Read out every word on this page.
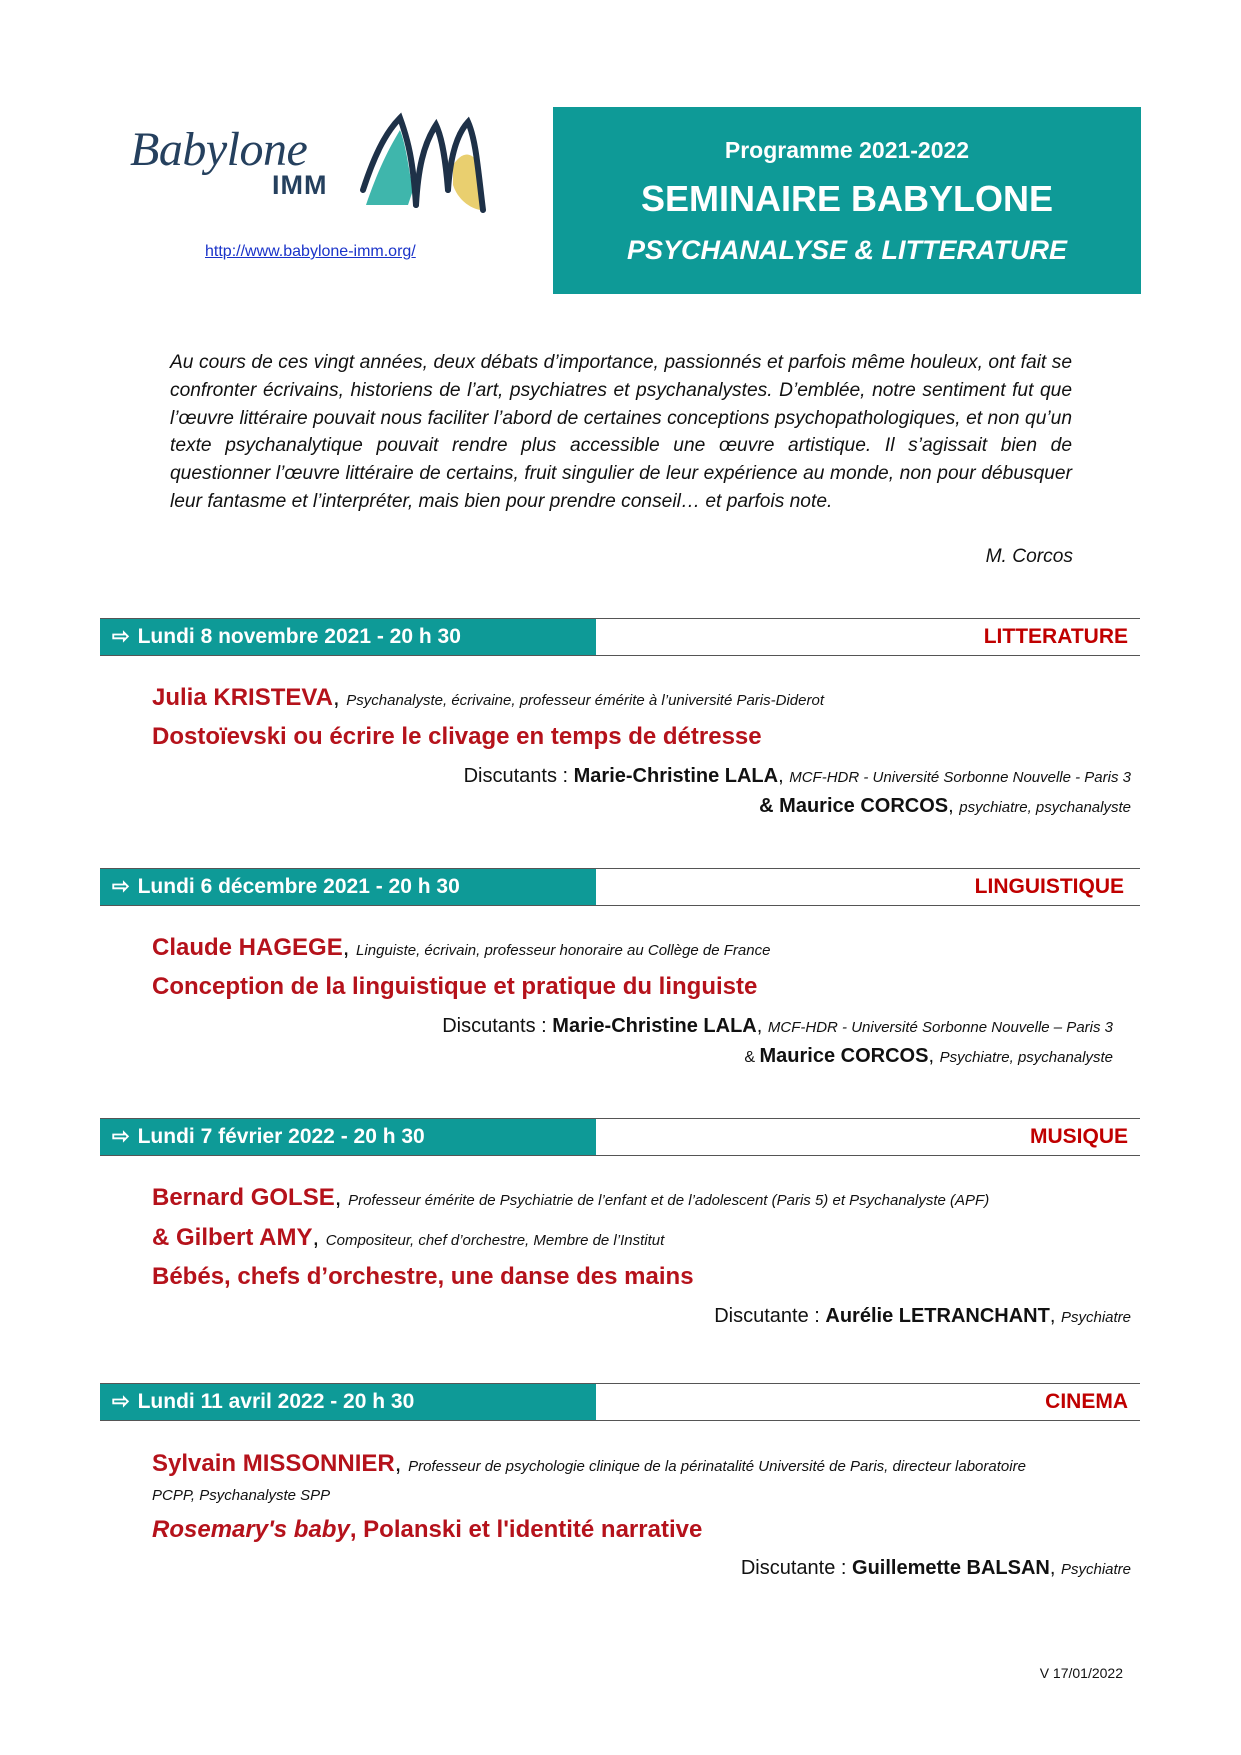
Babylone
IMM
http://www.babylone-imm.org/
Programme 2021-2022
SEMINAIRE BABYLONE
PSYCHANALYSE & LITTERATURE
Au cours de ces vingt années, deux débats d’importance, passionnés et parfois même houleux, ont fait se confronter écrivains, historiens de l’art, psychiatres et psychanalystes. D’emblée, notre sentiment fut que l’œuvre littéraire pouvait nous faciliter l’abord de certaines conceptions psychopathologiques, et non qu’un texte psychanalytique pouvait rendre plus accessible une œuvre artistique. Il s’agissait bien de questionner l’œuvre littéraire de certains, fruit singulier de leur expérience au monde, non pour débusquer leur fantasme et l’interpréter, mais bien pour prendre conseil… et parfois note.
M. Corcos
⇨ Lundi 8 novembre 2021 - 20 h 30	LITTERATURE
Julia KRISTEVA, Psychanalyste, écrivaine, professeur émérite à l’université Paris-Diderot
Dostoïevski ou écrire le clivage en temps de détresse
Discutants : Marie-Christine LALA, MCF-HDR - Université Sorbonne Nouvelle - Paris 3
& Maurice CORCOS, psychiatre, psychanalyste
⇨ Lundi 6 décembre 2021 - 20 h 30	LINGUISTIQUE
Claude HAGEGE, Linguiste, écrivain, professeur honoraire au Collège de France
Conception de la linguistique et pratique du linguiste
Discutants : Marie-Christine LALA, MCF-HDR - Université Sorbonne Nouvelle – Paris 3
& Maurice CORCOS, Psychiatre, psychanalyste
⇨ Lundi 7 février 2022 - 20 h 30	MUSIQUE
Bernard GOLSE, Professeur émérite de Psychiatrie de l’enfant et de l’adolescent (Paris 5) et Psychanalyste (APF)
& Gilbert AMY, Compositeur, chef d’orchestre, Membre de l’Institut
Bébés, chefs d’orchestre, une danse des mains
Discutante : Aurélie LETRANCHANT, Psychiatre
⇨ Lundi 11 avril 2022 - 20 h 30	CINEMA
Sylvain MISSONNIER, Professeur de psychologie clinique de la périnatalité Université de Paris, directeur laboratoire
PCPP, Psychanalyste SPP
Rosemary's baby, Polanski et l'identité narrative
Discutante : Guillemette BALSAN, Psychiatre
V 17/01/2022
